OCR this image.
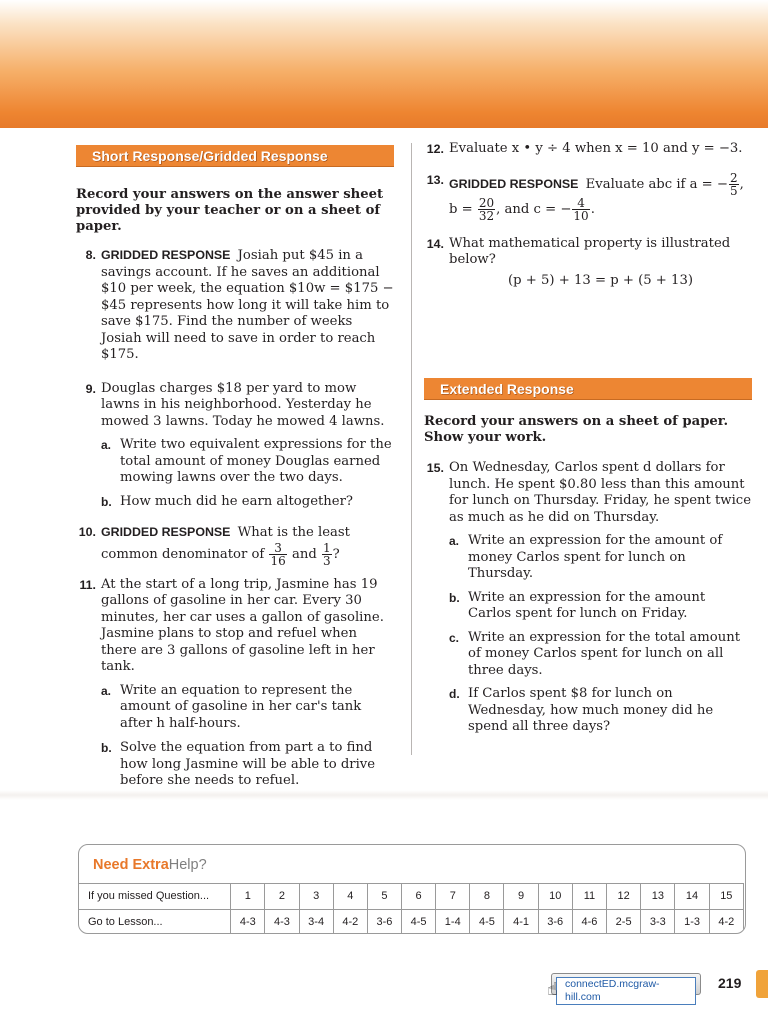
Short Response/Gridded Response

Record your answers on the answer sheet provided by your teacher or on a sheet of paper.

8. GRIDDED RESPONSE Josiah put $45 in a savings account. If he saves an additional $10 per week, the equation $10w = $175 − $45 represents how long it will take him to save $175. Find the number of weeks Josiah will need to save in order to reach $175.
9. Douglas charges $18 per yard to mow lawns in his neighborhood. Yesterday he mowed 3 lawns. Today he mowed 4 lawns.
a. Write two equivalent expressions for the total amount of money Douglas earned mowing lawns over the two days.
b. How much did he earn altogether?
10. GRIDDED RESPONSE What is the least common denominator of $\frac{3}{16}$ and $\frac{1}{3}$ ?
11. At the start of a long trip, Jasmine has 19 gallons of gasoline in her car. Every 30 minutes, her car uses a gallon of gasoline. Jasmine plans to stop and refuel when there are 3 gallons of gasoline left in her tank.
a. Write an equation to represent the amount of gasoline in her car's tank after h half-hours.
b. Solve the equation from part a to find how long Jasmine will be able to drive before she needs to refuel.
12. Evaluate x • y ÷ 4 when x = 10 and y = −3.
13. GRIDDED RESPONSE Evaluate abc if a = − $\frac{2}{5}$ ,
$b = \frac{20}{32}$ , and c = − $\frac{4}{10}$ .
14. What mathematical property is illustrated below?
(p + 5) + 13 = p + (5 + 13)
Extended Response

Record your answers on a sheet of paper. Show your work.

15. On Wednesday, Carlos spent d dollars for lunch. He spent $0.80 less than this amount for lunch on Thursday. Friday, he spent twice as much as he did on Thursday.
a. Write an expression for the amount of money Carlos spent for lunch on Thursday.
b. Write an expression for the amount Carlos spent for lunch on Friday.
c. Write an expression for the total amount of money Carlos spent for lunch on all three days.
d. If Carlos spent $8 for lunch on Wednesday, how much money did he spend all three days?
Need ExtraHelp?
If you missed Question...	1	2	3	4	5	6	7	8	9	10	11	12	13	14	15
Go to Lesson...	4-3	4-3	3-4	4-2	3-6	4-5	1-4	4-5	4-1	3-6	4-6	2-5	3-3	1-3	4-2
connectED.mcgraw-hill.com
☝	219
